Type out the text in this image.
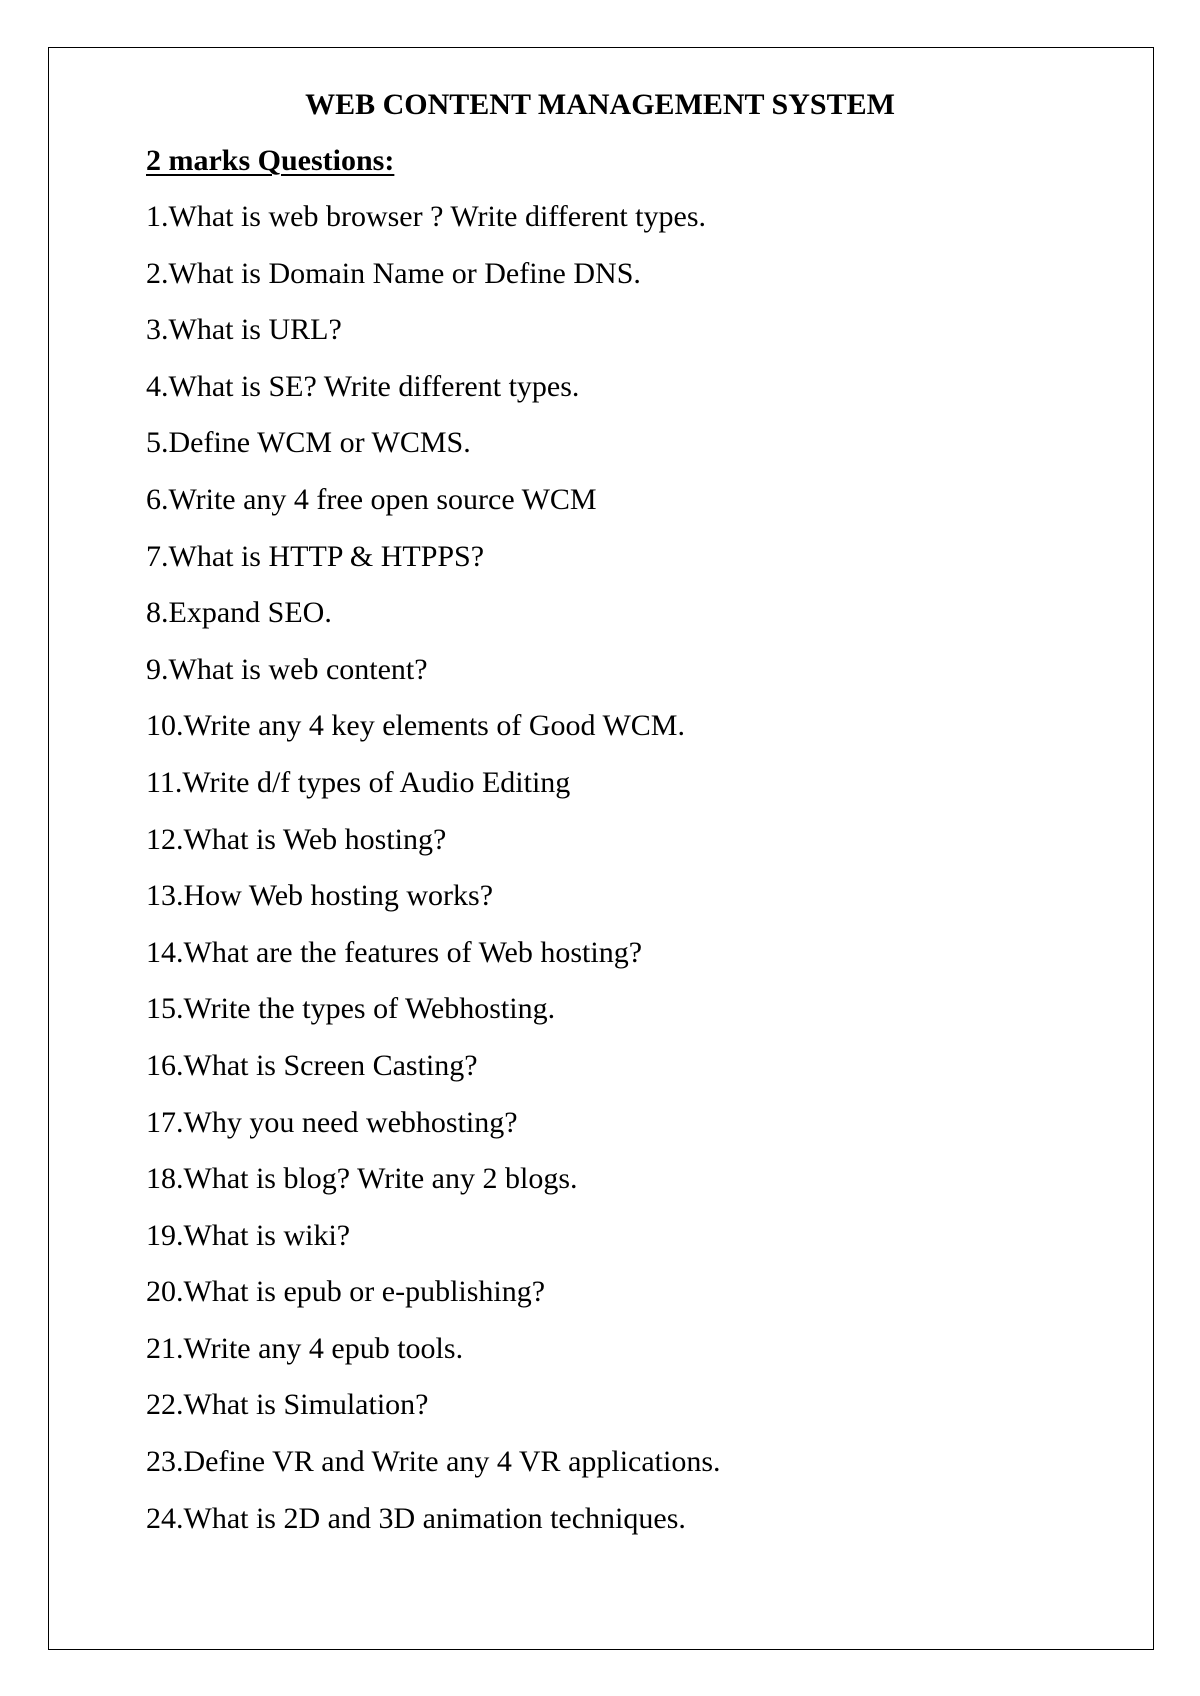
WEB CONTENT MANAGEMENT SYSTEM
2 marks Questions:
1.What is web browser ? Write different types.
2.What is Domain Name or Define DNS.
3.What is URL?
4.What is SE? Write different types.
5.Define WCM or WCMS.
6.Write any 4 free open source WCM
7.What is HTTP & HTPPS?
8.Expand SEO.
9.What is web content?
10.Write any 4 key elements of Good WCM.
11.Write d/f types of Audio Editing
12.What is Web hosting?
13.How Web hosting works?
14.What are the features of Web hosting?
15.Write the types of Webhosting.
16.What is Screen Casting?
17.Why you need webhosting?
18.What is blog? Write any 2 blogs.
19.What is wiki?
20.What is epub or e-publishing?
21.Write any 4 epub tools.
22.What is Simulation?
23.Define VR and Write any 4 VR applications.
24.What is 2D and 3D animation techniques.
